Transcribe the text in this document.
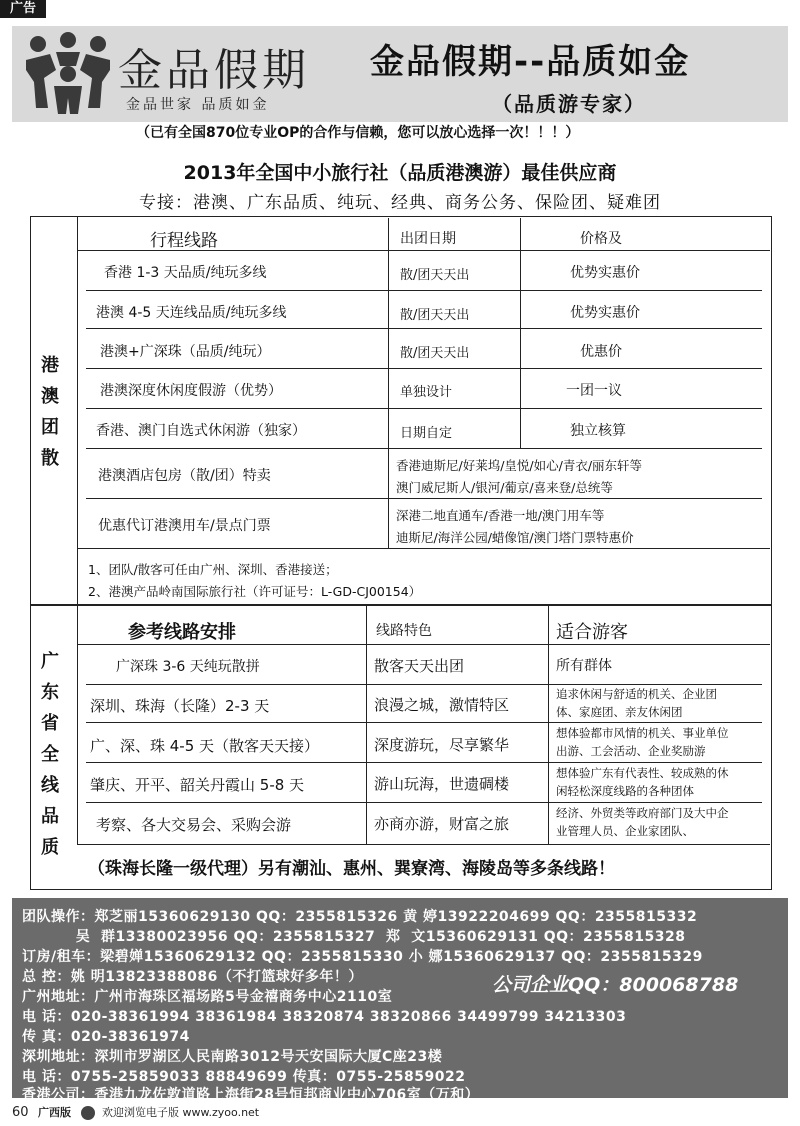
广告
金品假期
金品世家 品质如金
金品假期--品质如金
（品质游专家）
（已有全国870位专业OP的合作与信赖，您可以放心选择一次！！！）
2013年全国中小旅行社（品质港澳游）最佳供应商
专接：港澳、广东品质、纯玩、经典、商务公务、保险团、疑难团
港
澳
团
散
行程线路	出团日期	价格及
香港 1-3 天品质/纯玩多线	散/团天天出	优势实惠价
港澳 4-5 天连线品质/纯玩多线	散/团天天出	优势实惠价
港澳+广深珠（品质/纯玩）	散/团天天出	优惠价
港澳深度休闲度假游（优势）	单独设计	一团一议
香港、澳门自选式休闲游（独家）	日期自定	独立核算
港澳酒店包房（散/团）特卖
香港迪斯尼/好莱坞/皇悦/如心/青衣/丽东轩等
澳门威尼斯人/银河/葡京/喜来登/总统等
优惠代订港澳用车/景点门票
深港二地直通车/香港一地/澳门用车等
迪斯尼/海洋公园/蜡像馆/澳门塔门票特惠价
1、团队/散客可任由广州、深圳、香港接送；
2、港澳产品岭南国际旅行社（许可证号：L-GD-CJ00154）
广
东
省
全
线
品
质
参考线路安排	线路特色	适合游客
广深珠 3-6 天纯玩散拼	散客天天出团	所有群体
深圳、珠海（长隆）2-3 天	浪漫之城，激情特区
追求休闲与舒适的机关、企业团
体、家庭团、亲友休闲团
广、深、珠 4-5 天（散客天天接）	深度游玩，尽享繁华
想体验都市风情的机关、事业单位
出游、工会活动、企业奖励游
肇庆、开平、韶关丹霞山 5-8 天	游山玩海，世遗碉楼
想体验广东有代表性、较成熟的休
闲轻松深度线路的各种团体
考察、各大交易会、采购会游	亦商亦游，财富之旅
经济、外贸类等政府部门及大中企
业管理人员、企业家团队、
（珠海长隆一级代理）另有潮汕、惠州、巽寮湾、海陵岛等多条线路！
团队操作：郑芝丽15360629130 QQ：2355815326 黄 婷13922204699 QQ：2355815332
吴  群13380023956 QQ：2355815327  郑  文15360629131 QQ：2355815328
订房/租车：梁碧婵15360629132 QQ：2355815330 小 娜15360629137 QQ：2355815329
总 控：姚 明13823388086（不打篮球好多年！）	公司企业QQ：800068788
广州地址：广州市海珠区福场路5号金禧商务中心2110室
电 话：020-38361994 38361984 38320874 38320866 34499799 34213303
传 真：020-38361974
深圳地址：深圳市罗湖区人民南路3012号天安国际大厦C座23楼
电 话：0755-25859033 88849699 传真：0755-25859022
香港公司：香港九龙佐敦道路上海街28号恒邦商业中心706室（万和）
60 广西版	欢迎浏览电子版 www.zyoo.net
